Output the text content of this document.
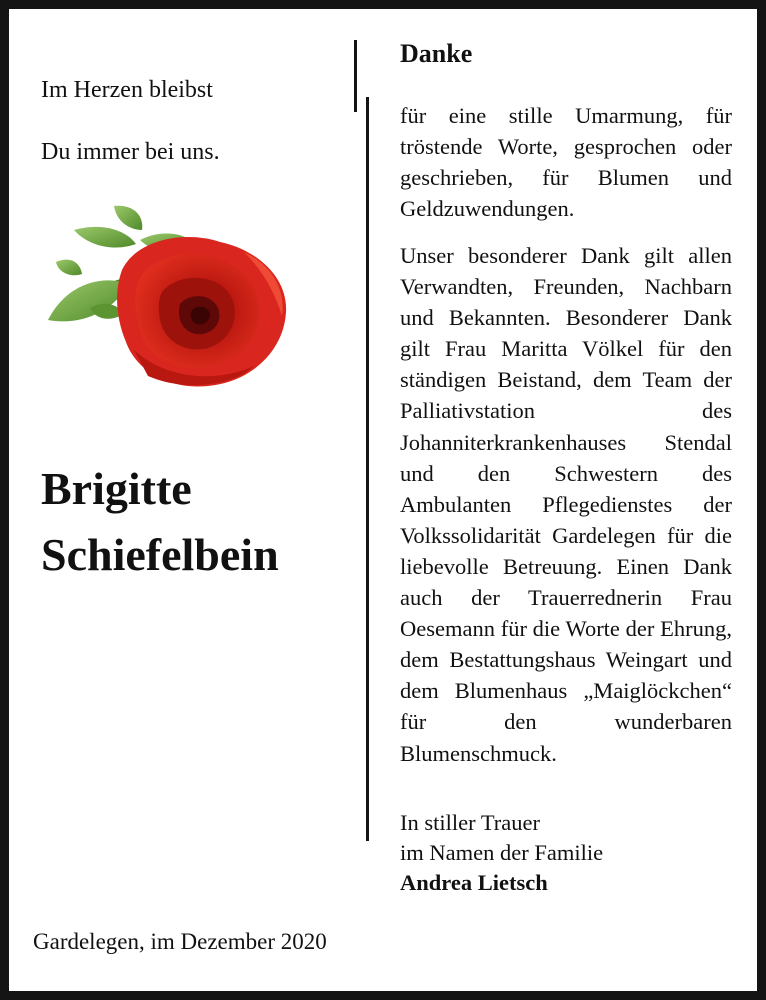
Im Herzen bleibst

Du immer bei uns.

Brigitte
Schiefelbein
Gardelegen, im Dezember 2020
Danke

für eine stille Umarmung, für tröstende Worte, gesprochen oder geschrieben, für Blumen und Geldzuwendungen.

Unser besonderer Dank gilt allen Verwandten, Freunden, Nachbarn und Bekannten. Besonderer Dank gilt Frau Maritta Völkel für den ständigen Beistand, dem Team der Palliativstation des Johanniterkrankenhauses Stendal und den Schwestern des Ambulanten Pflegedienstes der Volkssolidarität Gardelegen für die liebevolle Betreuung. Einen Dank auch der Trauerrednerin Frau Oesemann für die Worte der Ehrung, dem Bestattungshaus Weingart und dem Blumenhaus „Maiglöckchen“ für den wunderbaren Blumenschmuck.

In stiller Trauer
im Namen der Familie
Andrea Lietsch
